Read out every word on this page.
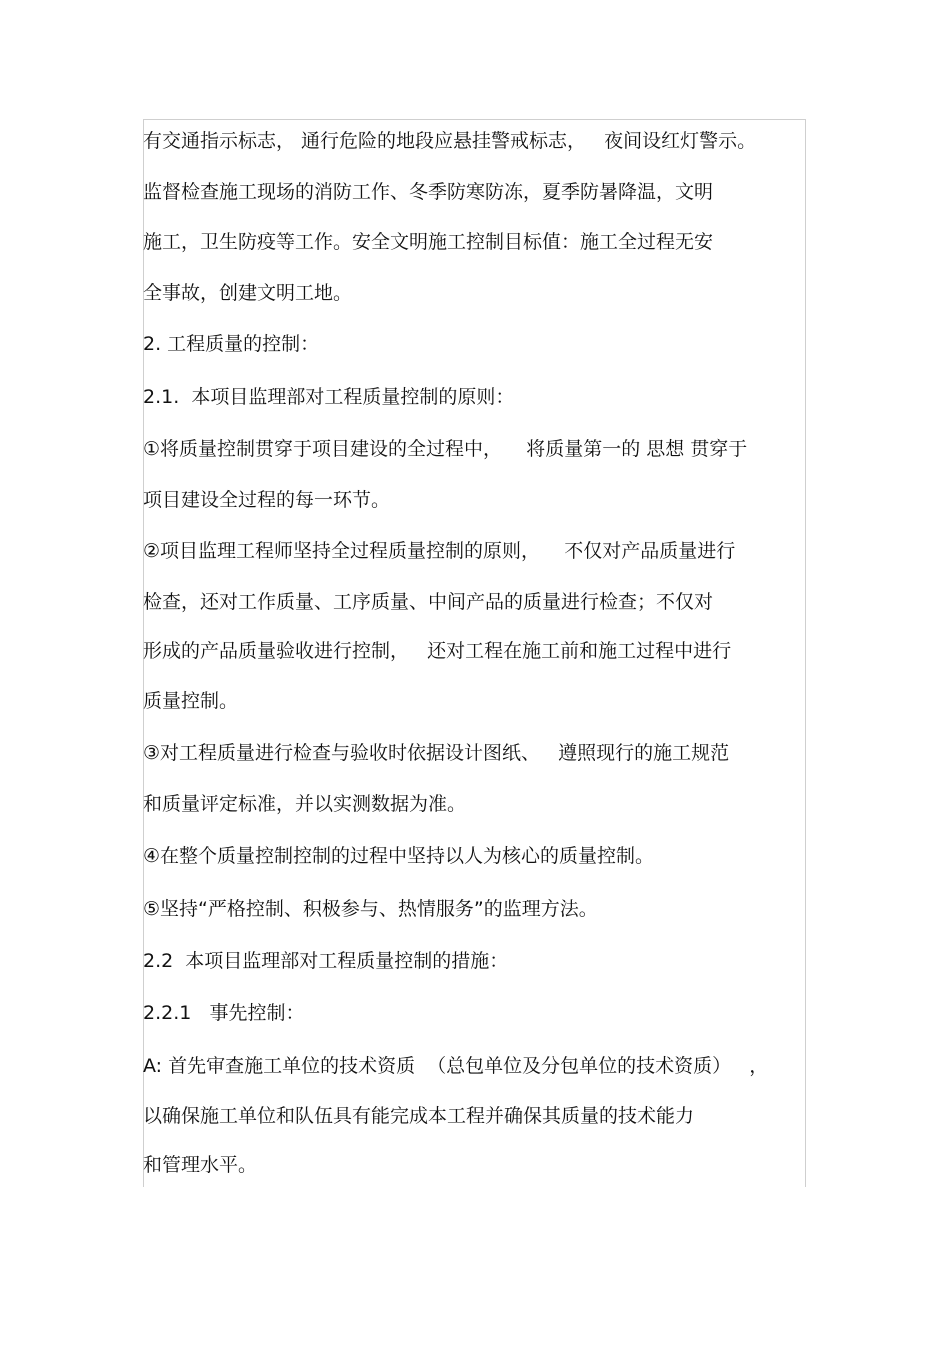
有交通指示标志， 通行危险的地段应悬挂警戒标志，   夜间设红灯警示。
监督检查施工现场的消防工作、冬季防寒防冻，夏季防暑降温，文明
施工，卫生防疫等工作。安全文明施工控制目标值：施工全过程无安
全事故，创建文明工地。
2. 工程质量的控制：
2.1.  本项目监理部对工程质量控制的原则：
①将质量控制贯穿于项目建设的全过程中，    将质量第一的 思想 贯穿于
项目建设全过程的每一环节。
②项目监理工程师坚持全过程质量控制的原则，    不仅对产品质量进行
检查，还对工作质量、工序质量、中间产品的质量进行检查；不仅对
形成的产品质量验收进行控制，   还对工程在施工前和施工过程中进行
质量控制。
③对工程质量进行检查与验收时依据设计图纸、   遵照现行的施工规范
和质量评定标准，并以实测数据为准。
④在整个质量控制控制的过程中坚持以人为核心的质量控制。
⑤坚持“严格控制、积极参与、热情服务”的监理方法。
2.2  本项目监理部对工程质量控制的措施：
2.2.1   事先控制：
A: 首先审查施工单位的技术资质  （总包单位及分包单位的技术资质）   ，
以确保施工单位和队伍具有能完成本工程并确保其质量的技术能力
和管理水平。
